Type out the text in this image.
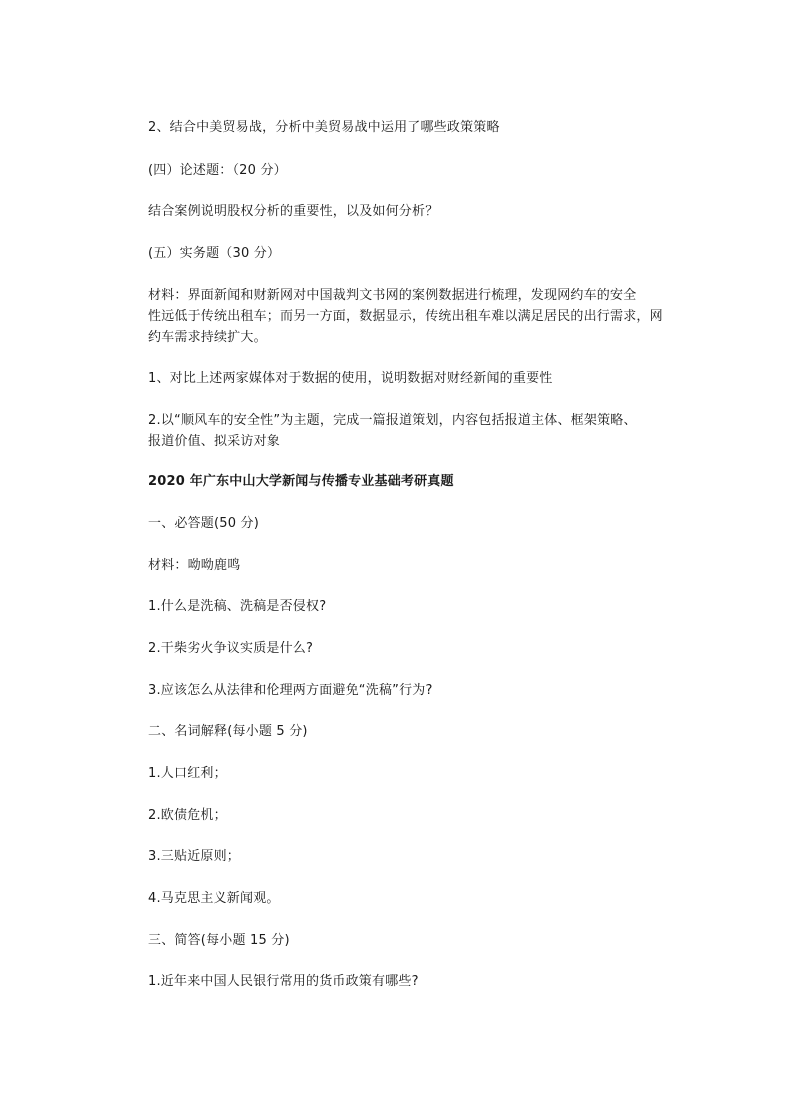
2、结合中美贸易战，分析中美贸易战中运用了哪些政策策略
(四）论述题：（20 分）
结合案例说明股权分析的重要性，以及如何分析？
(五）实务题（30 分）
材料：界面新闻和财新网对中国裁判文书网的案例数据进行梳理，发现网约车的安全
性远低于传统出租车；而另一方面，数据显示，传统出租车难以满足居民的出行需求，网
约车需求持续扩大。
1、对比上述两家媒体对于数据的使用，说明数据对财经新闻的重要性
2.以“顺风车的安全性”为主题，完成一篇报道策划，内容包括报道主体、框架策略、
报道价值、拟采访对象
2020 年广东中山大学新闻与传播专业基础考研真题
一、必答题(50 分)
材料：呦呦鹿鸣
1.什么是洗稿、洗稿是否侵权?
2.干柴劣火争议实质是什么?
3.应该怎么从法律和伦理两方面避免“洗稿”行为?
二、名词解释(每小题 5 分)
1.人口红利；
2.欧债危机；
3.三贴近原则；
4.马克思主义新闻观。
三、简答(每小题 15 分)
1.近年来中国人民银行常用的货币政策有哪些?
